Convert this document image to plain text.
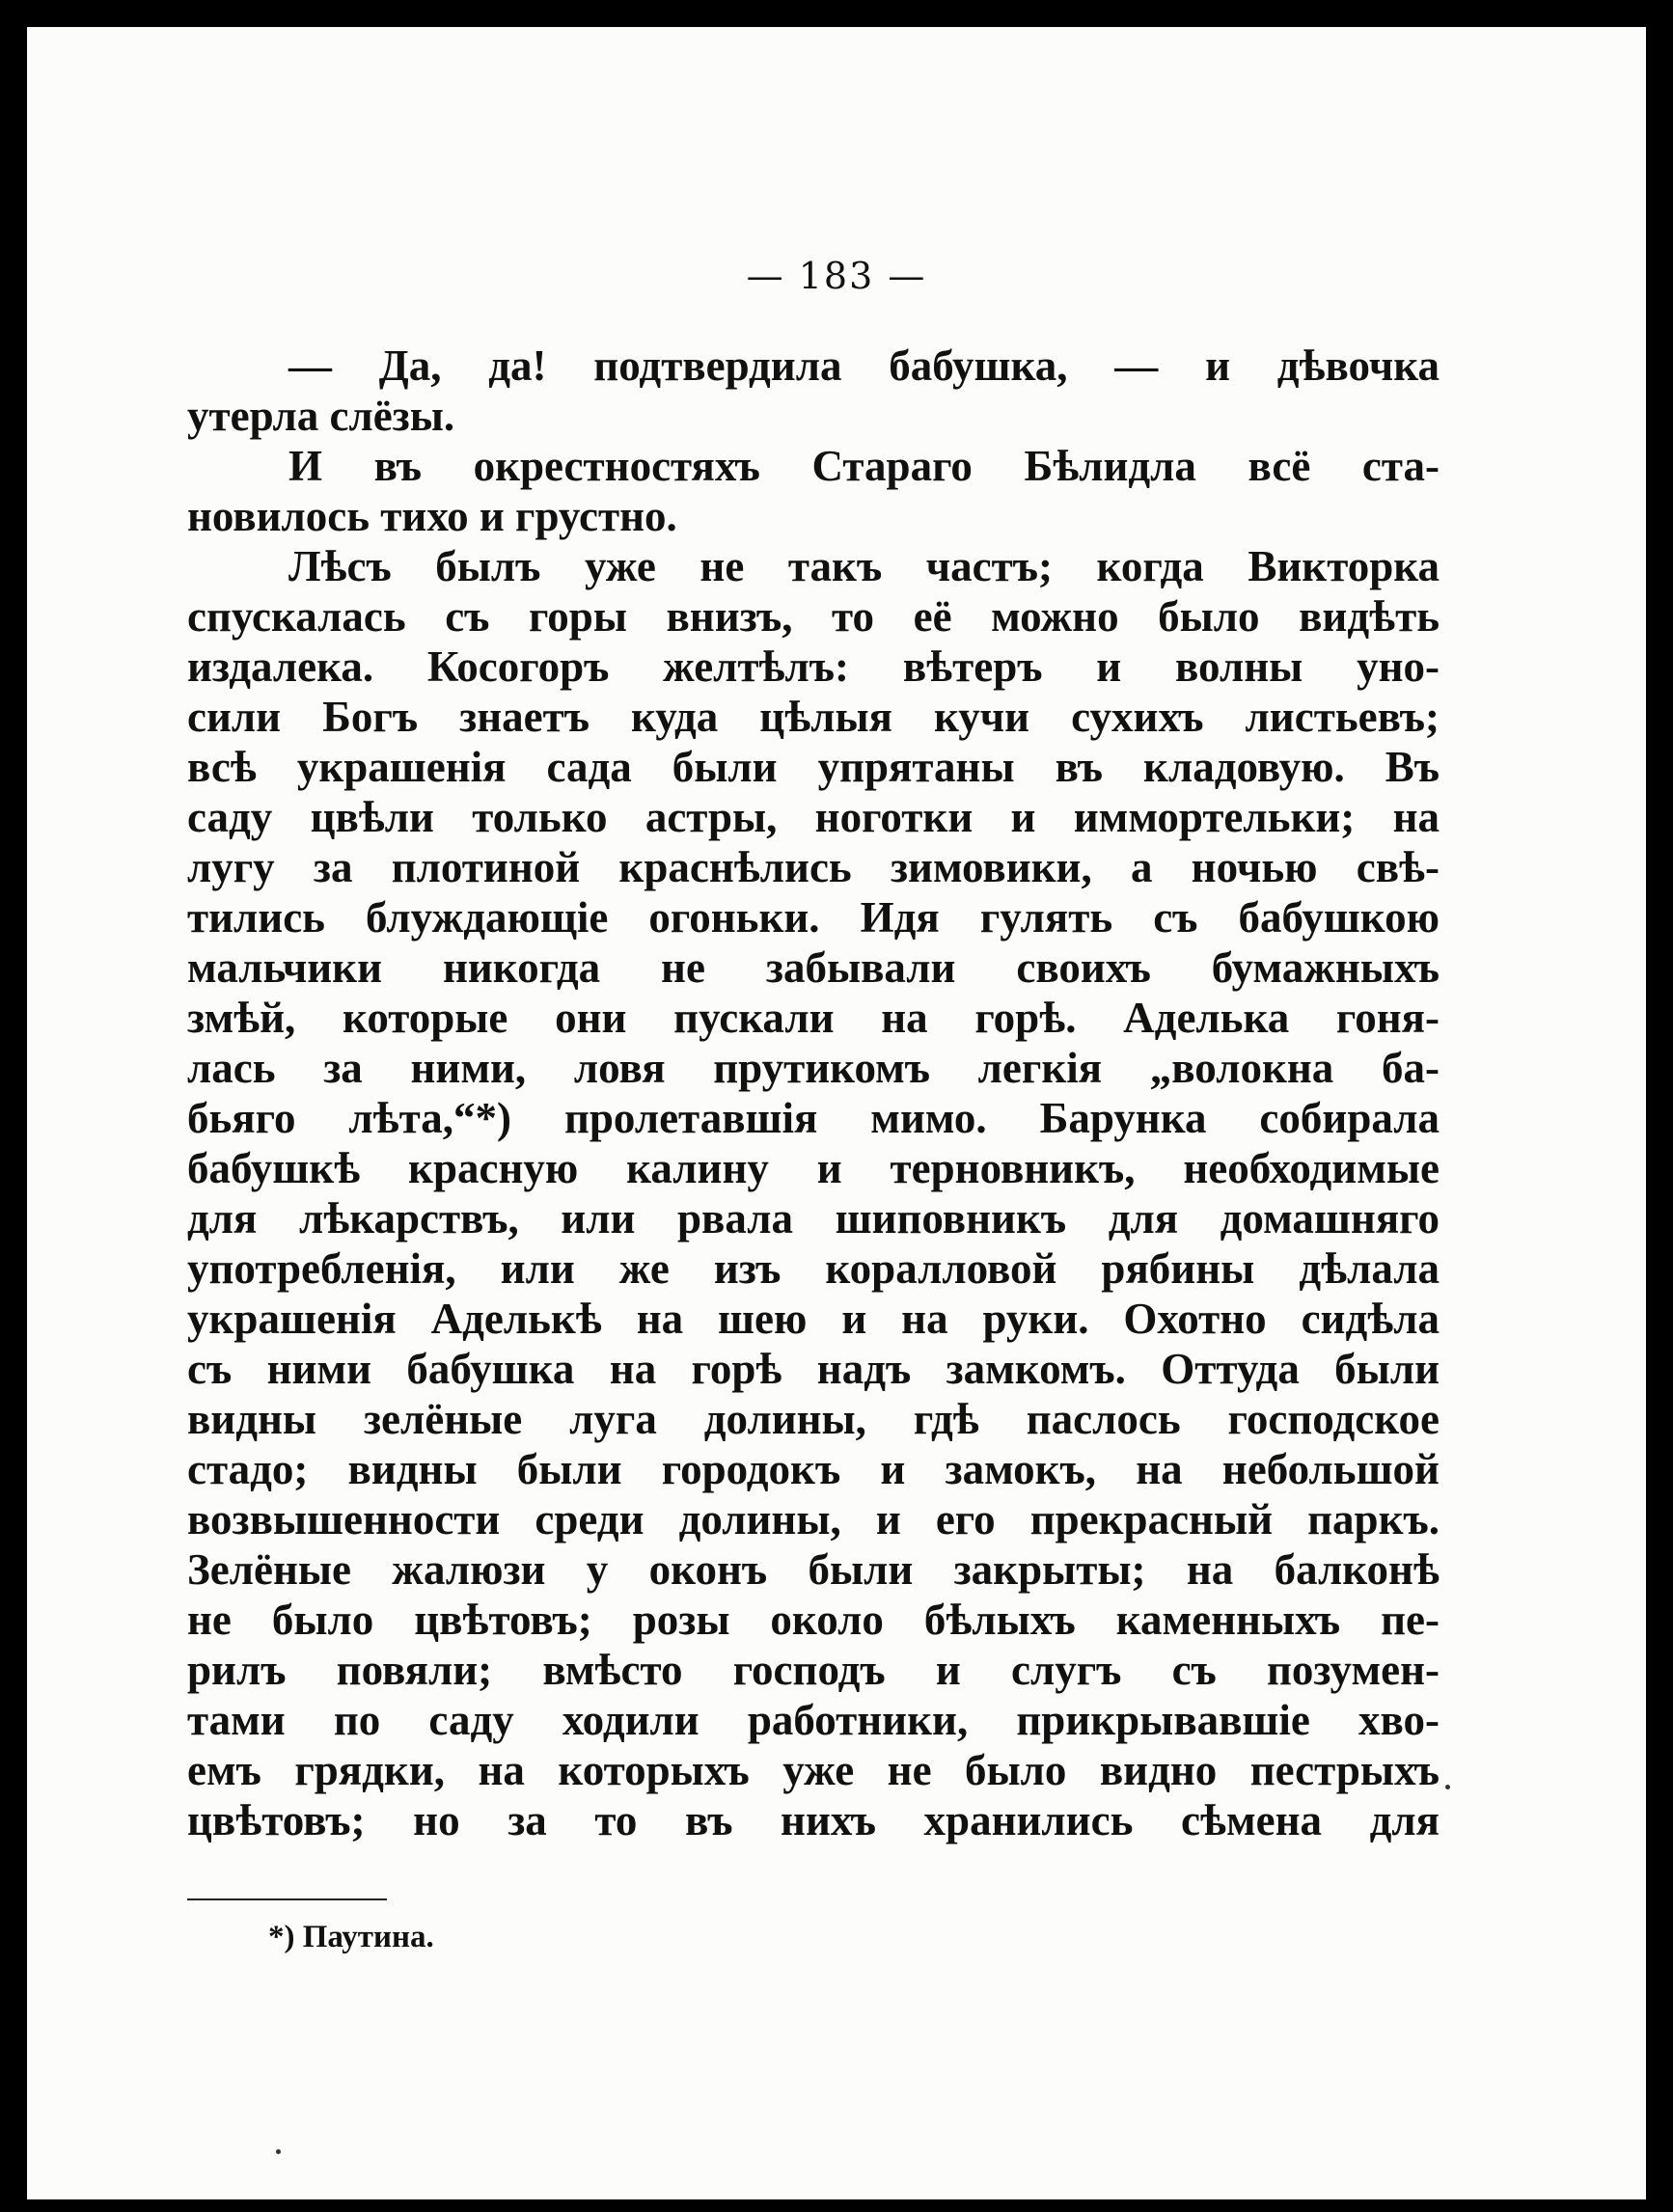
— 183 —
— Да, да! подтвердила бабушка, — и дѣвочка
утерла слёзы.
И въ окрестностяхъ Стараго Бѣлидла всё ста-
новилось тихо и грустно.
Лѣсъ былъ уже не такъ частъ; когда Викторка
спускалась съ горы внизъ, то её можно было видѣть
издалека. Косогоръ желтѣлъ: вѣтеръ и волны уно-
сили Богъ знаетъ куда цѣлыя кучи сухихъ листьевъ;
всѣ украшенія сада были упрятаны въ кладовую. Въ
саду цвѣли только астры, ноготки и иммортельки; на
лугу за плотиной краснѣлись зимовики, а ночью свѣ-
тились блуждающіе огоньки. Идя гулять съ бабушкою
мальчики никогда не забывали своихъ бумажныхъ
змѣй, которые они пускали на горѣ. Аделька гоня-
лась за ними, ловя прутикомъ легкія „волокна ба-
бьяго лѣта,“*) пролетавшія мимо. Барунка собирала
бабушкѣ красную калину и терновникъ, необходимые
для лѣкарствъ, или рвала шиповникъ для домашняго
употребленія, или же изъ коралловой рябины дѣлала
украшенія Аделькѣ на шею и на руки. Охотно сидѣла
съ ними бабушка на горѣ надъ замкомъ. Оттуда были
видны зелёные луга долины, гдѣ паслось господское
стадо; видны были городокъ и замокъ, на небольшой
возвышенности среди долины, и его прекрасный паркъ.
Зелёные жалюзи у оконъ были закрыты; на балконѣ
не было цвѣтовъ; розы около бѣлыхъ каменныхъ пе-
рилъ повяли; вмѣсто господъ и слугъ съ позумен-
тами по саду ходили работники, прикрывавшіе хво-
емъ грядки, на которыхъ уже не было видно пестрыхъ
цвѣтовъ; но за то въ нихъ хранились сѣмена для
*) Паутина.
